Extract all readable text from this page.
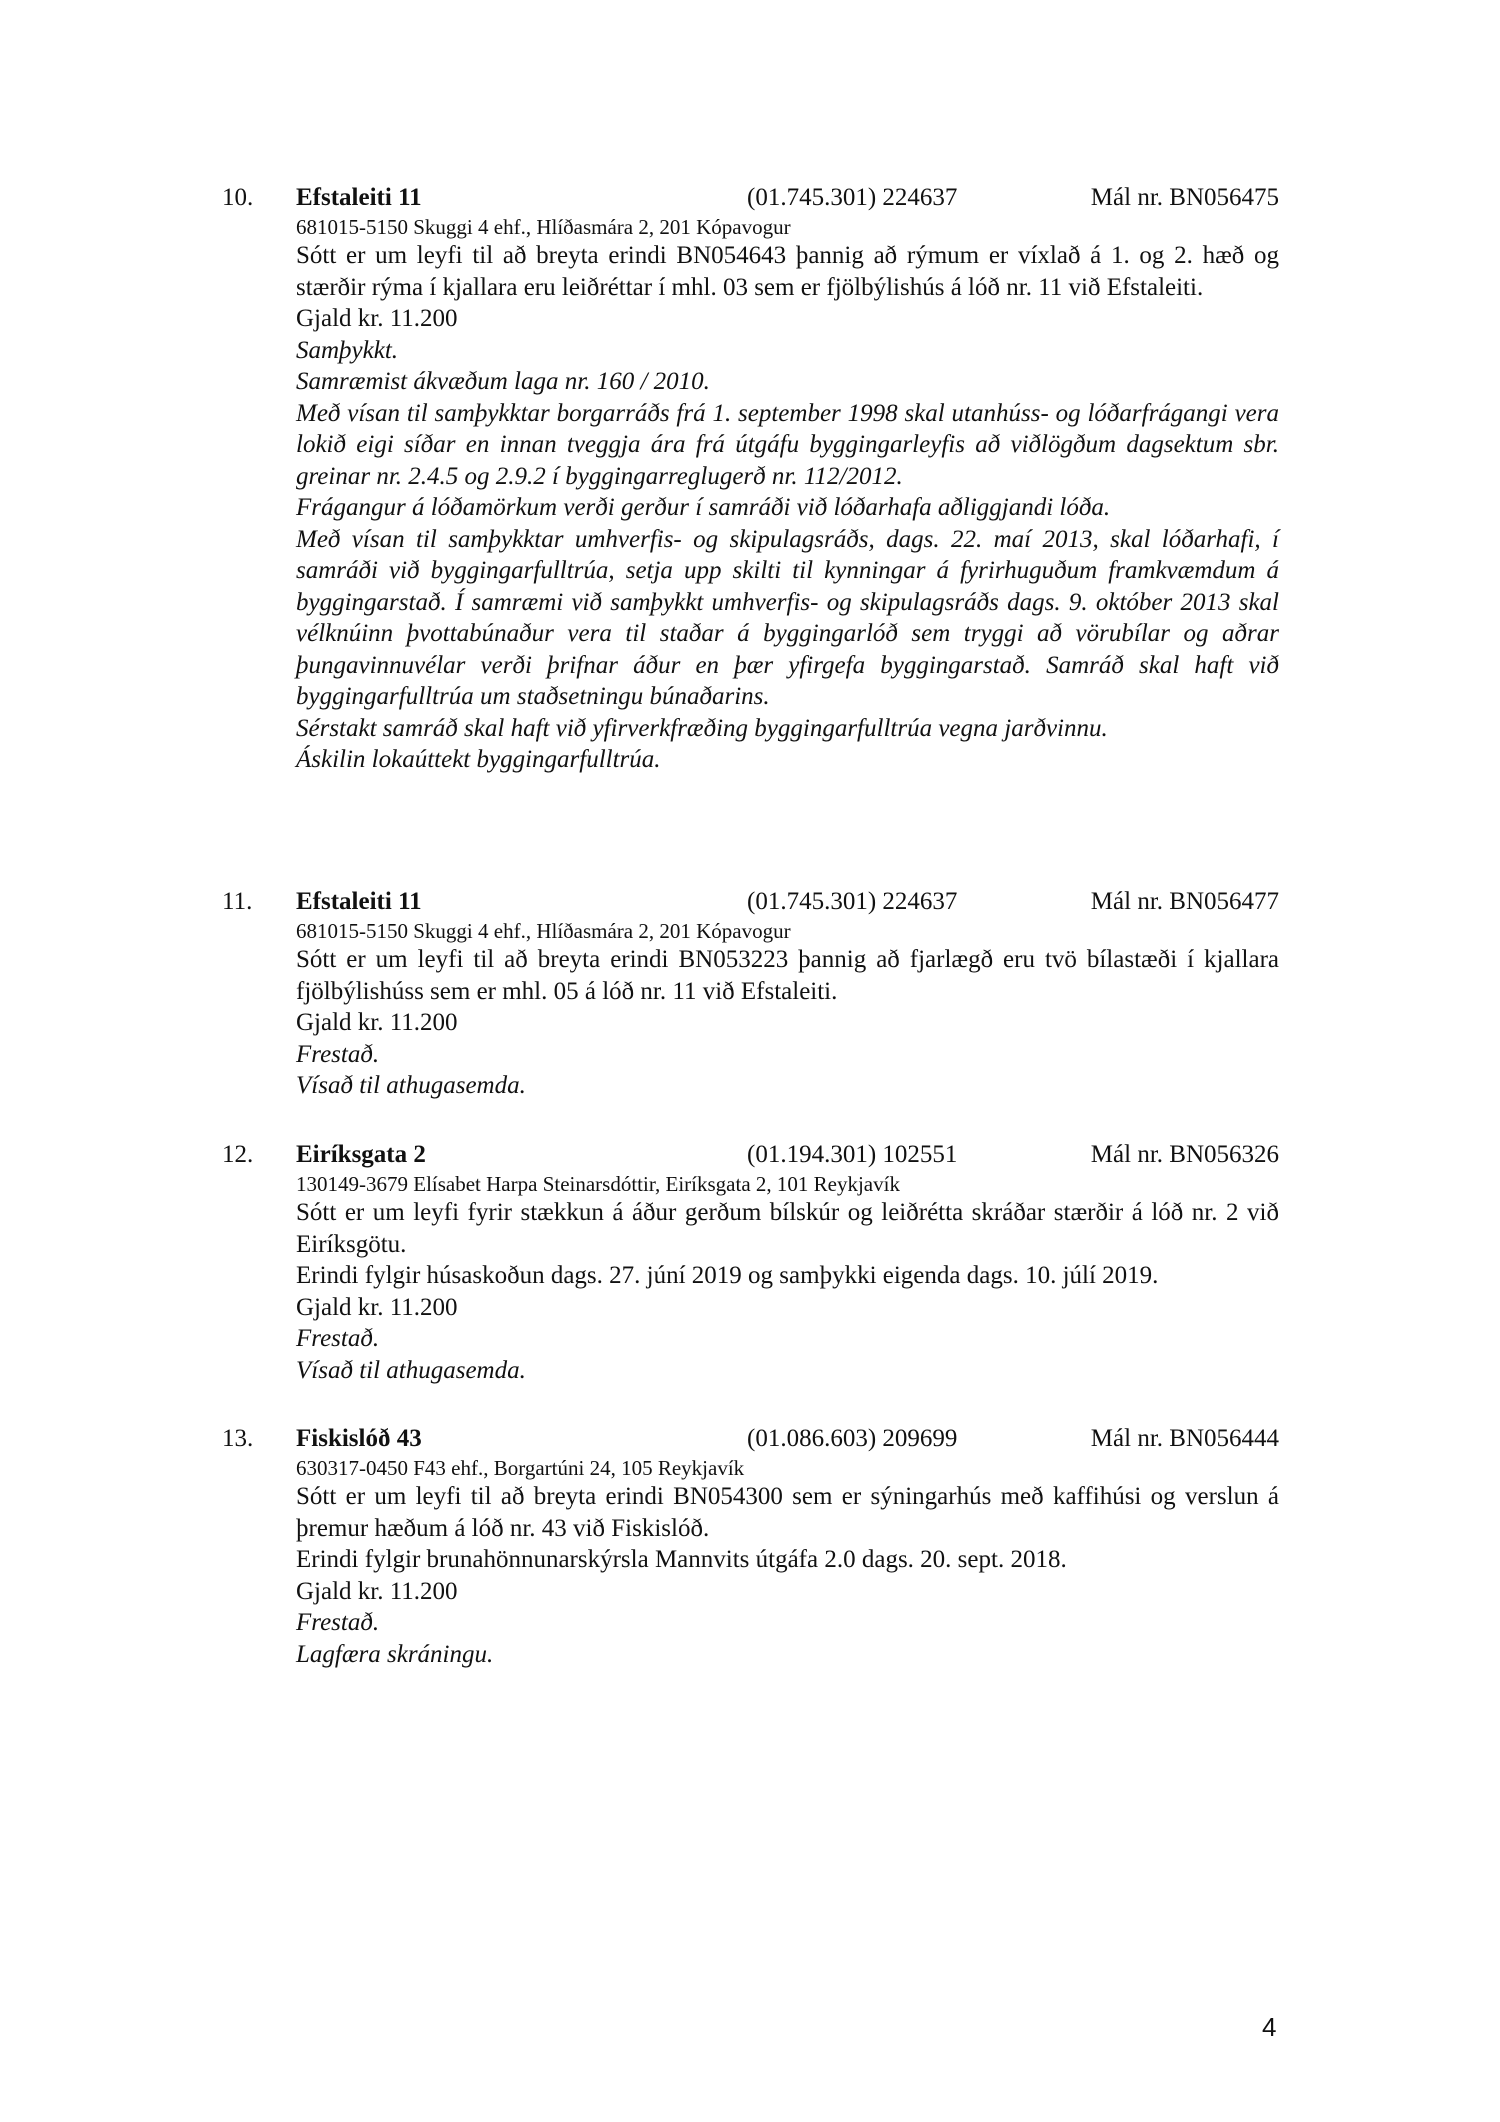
10. Efstaleiti 11	(01.745.301) 224637	Mál nr. BN056475
681015-5150 Skuggi 4 ehf., Hlíðasmára 2, 201 Kópavogur
Sótt er um leyfi til að breyta erindi BN054643 þannig að rýmum er víxlað á 1. og 2. hæð og stærðir rýma í kjallara eru leiðréttar í mhl. 03 sem er fjölbýlishús á lóð nr. 11 við Efstaleiti.
Gjald kr. 11.200
Samþykkt.
Samræmist ákvæðum laga nr. 160 / 2010.
Með vísan til samþykktar borgarráðs frá 1. september 1998 skal utanhúss- og lóðarfrágangi vera lokið eigi síðar en innan tveggja ára frá útgáfu byggingarleyfis að viðlögðum dagsektum sbr. greinar nr. 2.4.5 og 2.9.2 í byggingarreglugerð nr. 112/2012.
Frágangur á lóðamörkum verði gerður í samráði við lóðarhafa aðliggjandi lóða.
Með vísan til samþykktar umhverfis- og skipulagsráðs, dags. 22. maí 2013, skal lóðarhafi, í samráði við byggingarfulltrúa, setja upp skilti til kynningar á fyrirhuguðum framkvæmdum á byggingarstað. Í samræmi við samþykkt umhverfis- og skipulagsráðs dags. 9. október 2013 skal vélknúinn þvottabúnaður vera til staðar á byggingarlóð sem tryggi að vörubílar og aðrar þungavinnuvélar verði þrifnar áður en þær yfirgefa byggingarstað. Samráð skal haft við byggingarfulltrúa um staðsetningu búnaðarins.
Sérstakt samráð skal haft við yfirverkfræðing byggingarfulltrúa vegna jarðvinnu.
Áskilin lokaúttekt byggingarfulltrúa.
11. Efstaleiti 11	(01.745.301) 224637	Mál nr. BN056477
681015-5150 Skuggi 4 ehf., Hlíðasmára 2, 201 Kópavogur
Sótt er um leyfi til að breyta erindi BN053223 þannig að fjarlægð eru tvö bílastæði í kjallara fjölbýlishúss sem er mhl. 05 á lóð nr. 11 við Efstaleiti.
Gjald kr. 11.200
Frestað.
Vísað til athugasemda.
12. Eiríksgata 2	(01.194.301) 102551	Mál nr. BN056326
130149-3679 Elísabet Harpa Steinarsdóttir, Eiríksgata 2, 101 Reykjavík
Sótt er um leyfi fyrir stækkun á áður gerðum bílskúr og leiðrétta skráðar stærðir á lóð nr. 2 við Eiríksgötu.
Erindi fylgir húsaskoðun dags. 27. júní 2019 og samþykki eigenda dags. 10. júlí 2019.
Gjald kr. 11.200
Frestað.
Vísað til athugasemda.
13. Fiskislóð 43	(01.086.603) 209699	Mál nr. BN056444
630317-0450 F43 ehf., Borgartúni 24, 105 Reykjavík
Sótt er um leyfi til að breyta erindi BN054300 sem er sýningarhús með kaffihúsi og verslun á þremur hæðum á lóð nr. 43 við Fiskislóð.
Erindi fylgir brunahönnunarskýrsla Mannvits útgáfa 2.0 dags. 20. sept. 2018.
Gjald kr. 11.200
Frestað.
Lagfæra skráningu.
4
